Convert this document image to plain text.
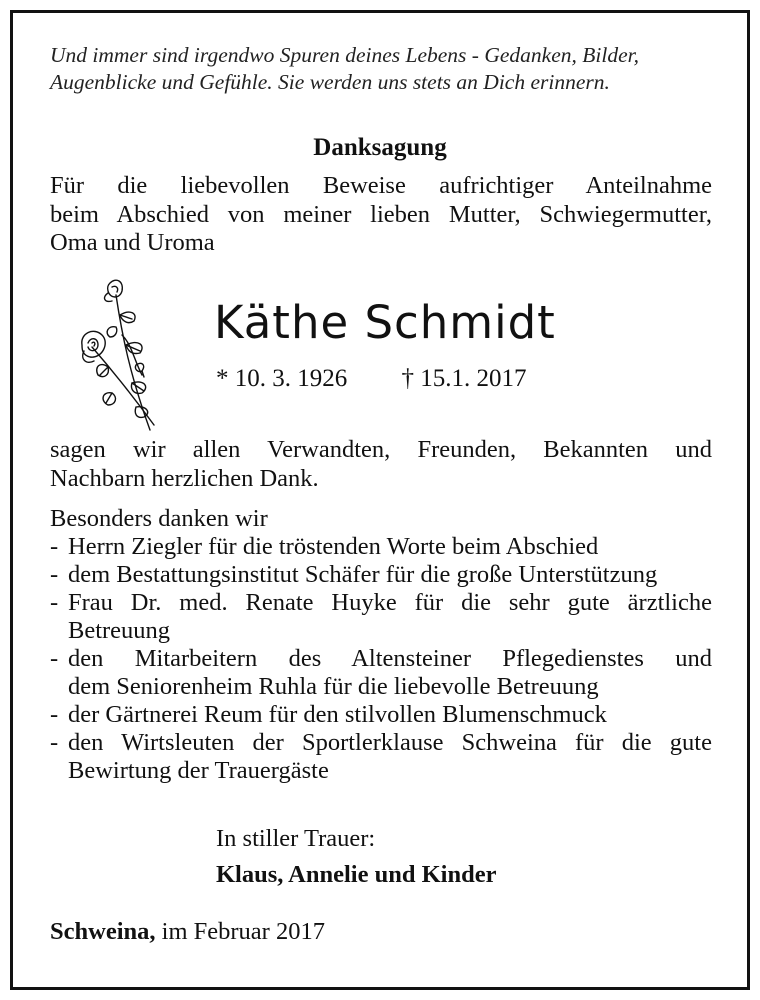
Und immer sind irgendwo Spuren deines Lebens - Gedanken, Bilder,
Augenblicke und Gefühle. Sie werden uns stets an Dich erinnern.
Danksagung
Für die liebevollen Beweise aufrichtiger Anteilnahme
beim Abschied von meiner lieben Mutter, Schwiegermutter,
Oma und Uroma
Käthe Schmidt
* 10. 3. 1926 † 15.1. 2017
sagen wir allen Verwandten, Freunden, Bekannten und
Nachbarn herzlichen Dank.
Besonders danken wir
- Herrn Ziegler für die tröstenden Worte beim Abschied
- dem Bestattungsinstitut Schäfer für die große Unterstützung
- Frau Dr. med. Renate Huyke für die sehr gute ärztliche
Betreuung
- den Mitarbeitern des Altensteiner Pflegedienstes und
dem Seniorenheim Ruhla für die liebevolle Betreuung
- der Gärtnerei Reum für den stilvollen Blumenschmuck
- den Wirtsleuten der Sportlerklause Schweina für die gute
Bewirtung der Trauergäste
In stiller Trauer:
Klaus, Annelie und Kinder
Schweina, im Februar 2017
